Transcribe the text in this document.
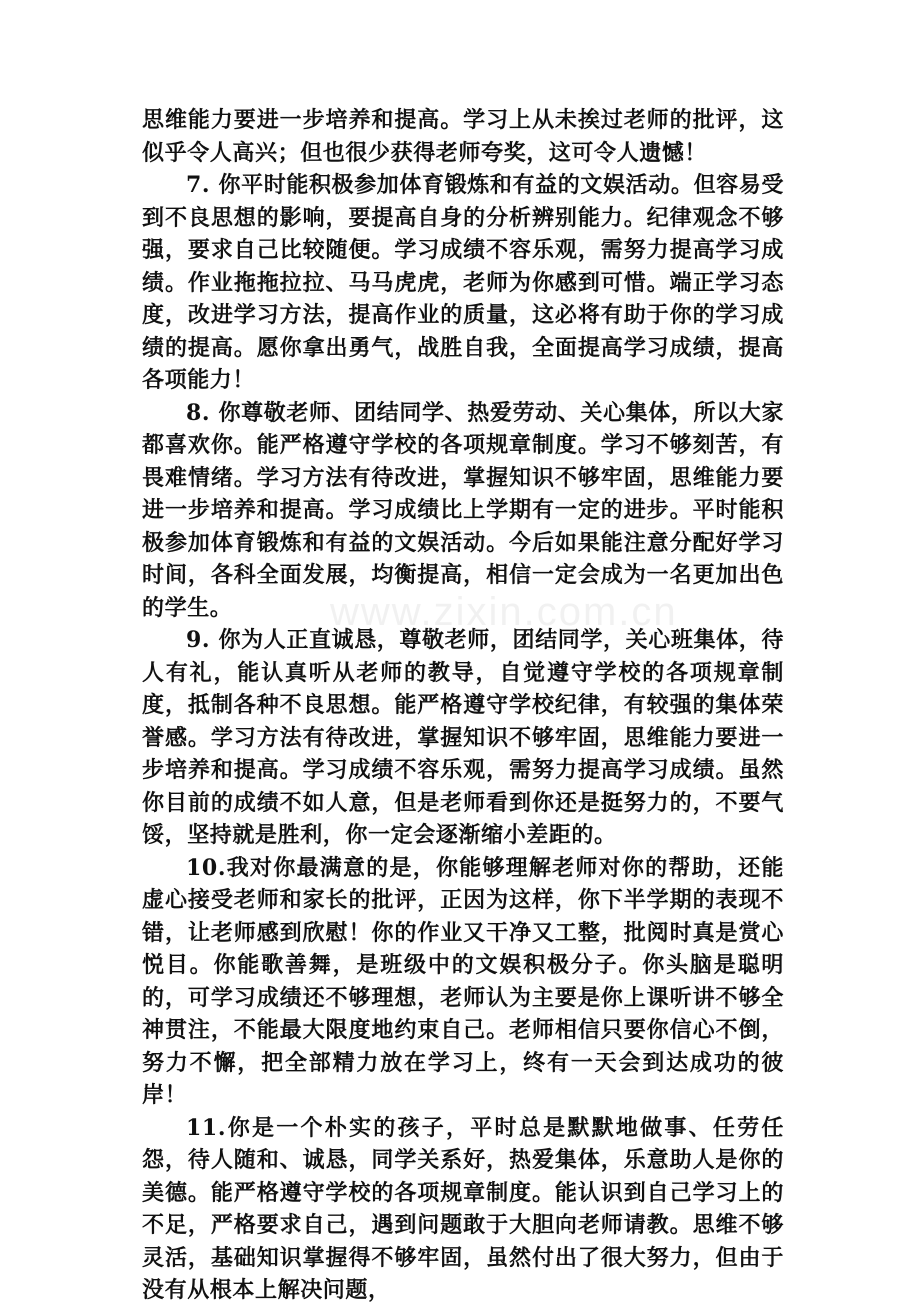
www.zixin.com.cn

思维能力要进一步培养和提高。学习上从未挨过老师的批评，这似乎令人高兴；但也很少获得老师夸奖，这可令人遗憾！

7. 你平时能积极参加体育锻炼和有益的文娱活动。但容易受到不良思想的影响，要提高自身的分析辨别能力。纪律观念不够强，要求自己比较随便。学习成绩不容乐观，需努力提高学习成绩。作业拖拖拉拉、马马虎虎，老师为你感到可惜。端正学习态度，改进学习方法，提高作业的质量，这必将有助于你的学习成绩的提高。愿你拿出勇气，战胜自我，全面提高学习成绩，提高各项能力！

8. 你尊敬老师、团结同学、热爱劳动、关心集体，所以大家都喜欢你。能严格遵守学校的各项规章制度。学习不够刻苦，有畏难情绪。学习方法有待改进，掌握知识不够牢固，思维能力要进一步培养和提高。学习成绩比上学期有一定的进步。平时能积极参加体育锻炼和有益的文娱活动。今后如果能注意分配好学习时间，各科全面发展，均衡提高，相信一定会成为一名更加出色的学生。

9. 你为人正直诚恳，尊敬老师，团结同学，关心班集体，待人有礼，能认真听从老师的教导，自觉遵守学校的各项规章制度，抵制各种不良思想。能严格遵守学校纪律，有较强的集体荣誉感。学习方法有待改进，掌握知识不够牢固，思维能力要进一步培养和提高。学习成绩不容乐观，需努力提高学习成绩。虽然你目前的成绩不如人意，但是老师看到你还是挺努力的，不要气馁，坚持就是胜利，你一定会逐渐缩小差距的。

10.我对你最满意的是，你能够理解老师对你的帮助，还能虚心接受老师和家长的批评，正因为这样，你下半学期的表现不错，让老师感到欣慰！你的作业又干净又工整，批阅时真是赏心悦目。你能歌善舞，是班级中的文娱积极分子。你头脑是聪明的，可学习成绩还不够理想，老师认为主要是你上课听讲不够全神贯注，不能最大限度地约束自己。老师相信只要你信心不倒，努力不懈，把全部精力放在学习上，终有一天会到达成功的彼岸！

11.你是一个朴实的孩子，平时总是默默地做事、任劳任怨，待人随和、诚恳，同学关系好，热爱集体，乐意助人是你的美德。能严格遵守学校的各项规章制度。能认识到自己学习上的不足，严格要求自己，遇到问题敢于大胆向老师请教。思维不够灵活，基础知识掌握得不够牢固，虽然付出了很大努力，但由于没有从根本上解决问题，
